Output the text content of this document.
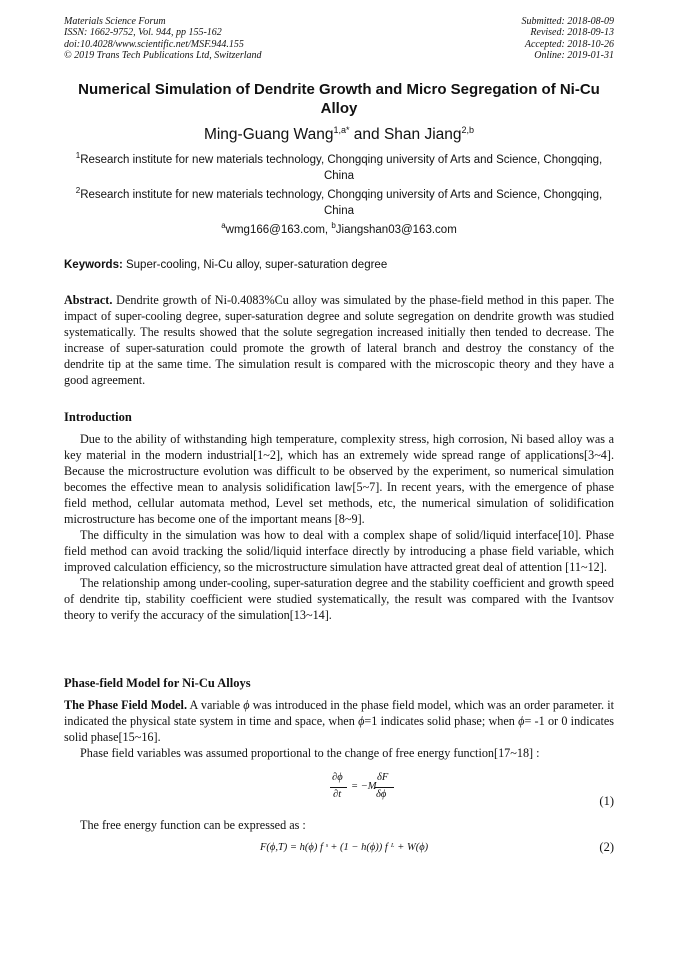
Materials Science Forum
ISSN: 1662-9752, Vol. 944, pp 155-162
doi:10.4028/www.scientific.net/MSF.944.155
© 2019 Trans Tech Publications Ltd, Switzerland
Submitted: 2018-08-09
Revised: 2018-09-13
Accepted: 2018-10-26
Online: 2019-01-31
Numerical Simulation of Dendrite Growth and Micro Segregation of Ni-Cu Alloy
Ming-Guang Wang$^{1,a*}$ and Shan Jiang$^{2,b}$
$^1$Research institute for new materials technology, Chongqing university of Arts and Science, Chongqing, China
$^2$Research institute for new materials technology, Chongqing university of Arts and Science, Chongqing, China
$^a$wmg166@163.com, $^b$Jiangshan03@163.com
Keywords: Super-cooling, Ni-Cu alloy, super-saturation degree

Abstract. Dendrite growth of Ni-0.4083%Cu alloy was simulated by the phase-field method in this paper. The impact of super-cooling degree, super-saturation degree and solute segregation on dendrite growth was studied systematically. The results showed that the solute segregation increased initially then tended to decrease. The increase of super-saturation could promote the growth of lateral branch and destroy the constancy of the dendrite tip at the same time. The simulation result is compared with the microscopic theory and they have a good agreement.

Introduction

Due to the ability of withstanding high temperature, complexity stress, high corrosion, Ni based alloy was a key material in the modern industrial[1~2], which has an extremely wide spread range of applications[3~4]. Because the microstructure evolution was difficult to be observed by the experiment, so numerical simulation becomes the effective mean to analysis solidification law[5~7]. In recent years, with the emergence of phase field method, cellular automata method, Level set methods, etc, the numerical simulation of solidification microstructure has become one of the important means [8~9].

The difficulty in the simulation was how to deal with a complex shape of solid/liquid interface[10]. Phase field method can avoid tracking the solid/liquid interface directly by introducing a phase field variable, which improved calculation efficiency, so the microstructure simulation have attracted great deal of attention [11~12].

The relationship among under-cooling, super-saturation degree and the stability coefficient and growth speed of dendrite tip, stability coefficient were studied systematically, the result was compared with the Ivantsov theory to verify the accuracy of the simulation[13~14].

Phase-field Model for Ni-Cu Alloys

The Phase Field Model. A variable ϕ was introduced in the phase field model, which was an order parameter. it indicated the physical state system in time and space, when ϕ=1 indicates solid phase; when ϕ= -1 or 0 indicates solid phase[15~16].

Phase field variables was assumed proportional to the change of free energy function[17~18] :

∂ϕ
∂t
= −M
δF
δϕ	(1)

The free energy function can be expressed as :

F(ϕ,T) = h(ϕ) f ˢ + (1 − h(ϕ)) f ᴸ + W(ϕ)	(2)
